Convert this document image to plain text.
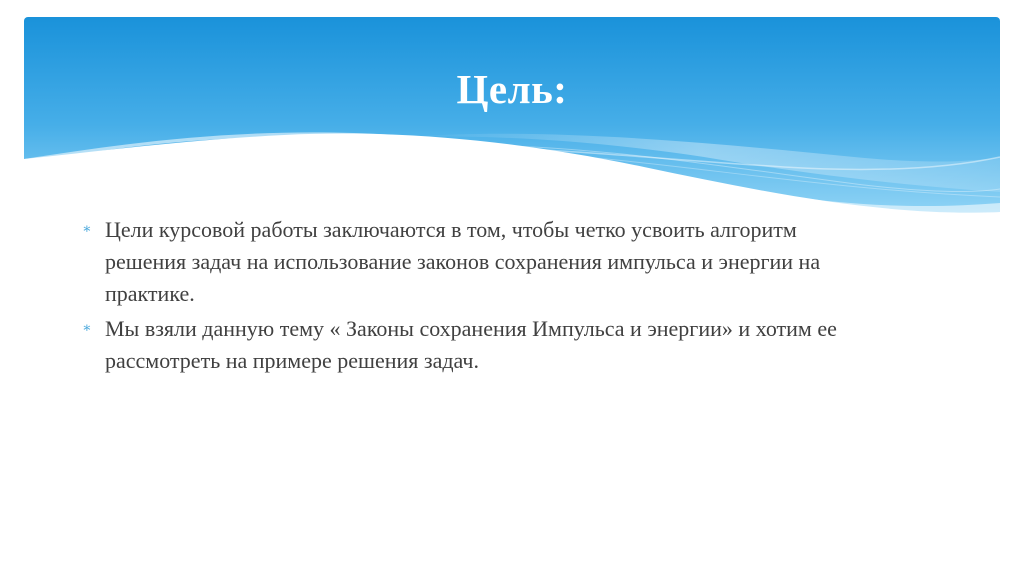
Цель:
∗ Цели курсовой работы заключаются в том, чтобы четко усвоить алгоритм решения задач на использование законов сохранения импульса и энергии на практике.
∗ Мы взяли данную тему « Законы сохранения Импульса и энергии» и хотим ее рассмотреть на примере решения задач.
